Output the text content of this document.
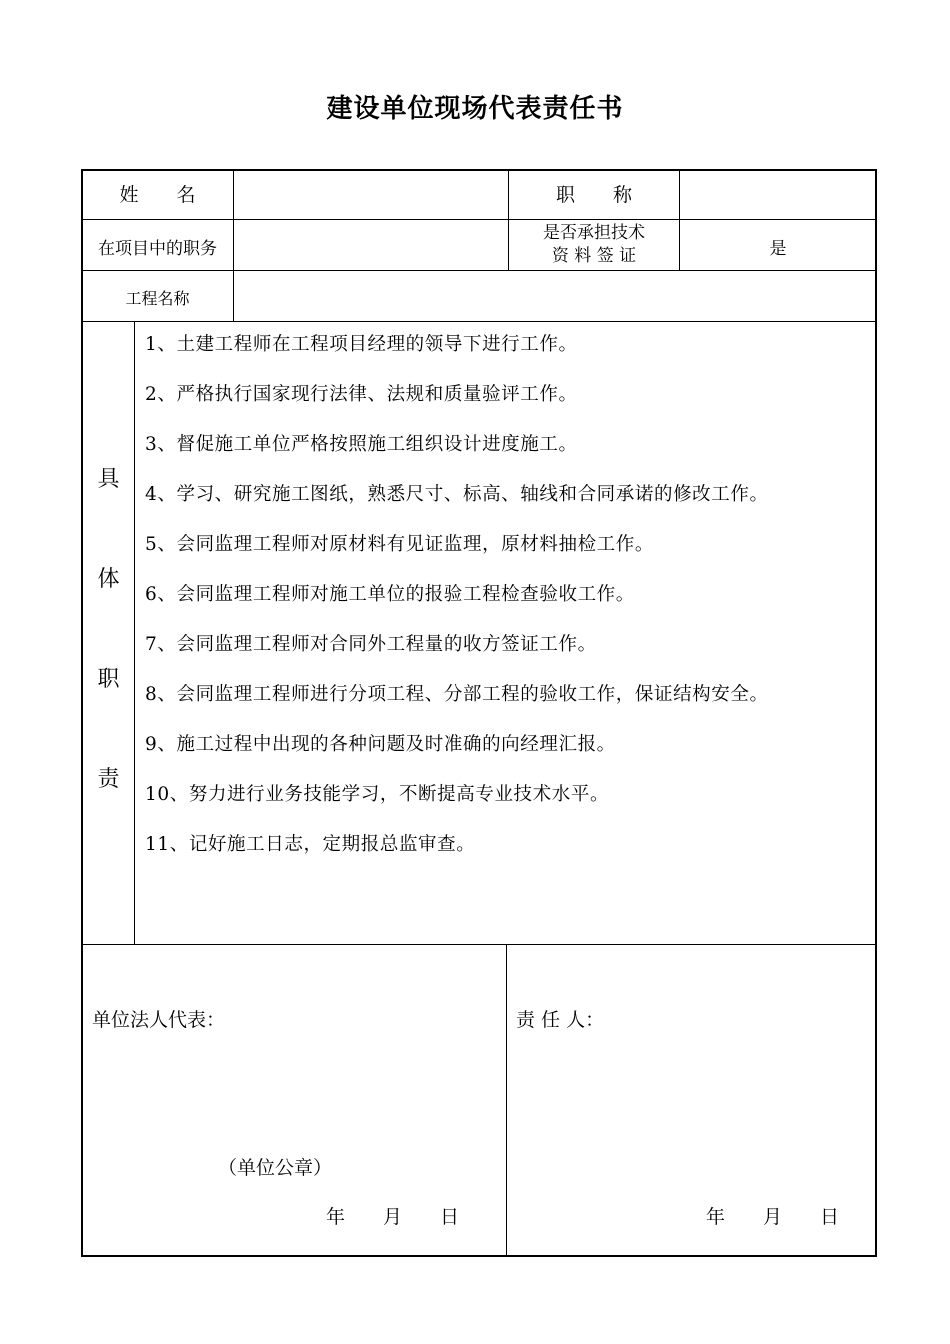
建设单位现场代表责任书
姓　　名	职　　称
在项目中的职务
是否承担技术
资 料 签 证	是
工程名称
具
体
职
责
1、土建工程师在工程项目经理的领导下进行工作。
2、严格执行国家现行法律、法规和质量验评工作。
3、督促施工单位严格按照施工组织设计进度施工。
4、学习、研究施工图纸，熟悉尺寸、标高、轴线和合同承诺的修改工作。
5、会同监理工程师对原材料有见证监理，原材料抽检工作。
6、会同监理工程师对施工单位的报验工程检查验收工作。
7、会同监理工程师对合同外工程量的收方签证工作。
8、会同监理工程师进行分项工程、分部工程的验收工作，保证结构安全。
9、施工过程中出现的各种问题及时准确的向经理汇报。
10、努力进行业务技能学习，不断提高专业技术水平。
11、记好施工日志，定期报总监审查。
单位法人代表：
（单位公章）
年　　月　　日
责 任 人：
年　　月　　日
